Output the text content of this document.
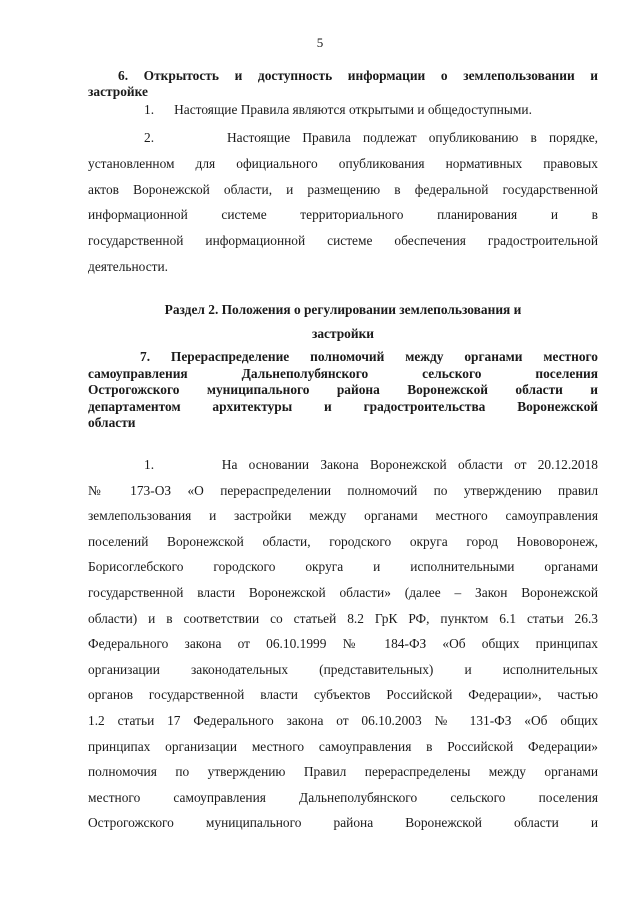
5
6. Открытость и доступность информации о землепользовании и
застройке
1.      Настоящие Правила являются открытыми и общедоступными.
2.      Настоящие Правила подлежат опубликованию в порядке,
установленном для официального опубликования нормативных правовых
актов Воронежской области, и размещению в федеральной государственной
информационной системе территориального планирования и в
государственной информационной системе обеспечения градостроительной
деятельности.
Раздел 2. Положения о регулировании землепользования и
застройки
7. Перераспределение полномочий между органами местного
самоуправления Дальнеполубянского сельского поселения
Острогожского муниципального района Воронежской области и
департаментом архитектуры и градостроительства Воронежской
области
1.      На основании Закона Воронежской области от 20.12.2018
№ 173-ОЗ «О перераспределении полномочий по утверждению правил
землепользования и застройки между органами местного самоуправления
поселений Воронежской области, городского округа город Нововоронеж,
Борисоглебского городского округа и исполнительными органами
государственной власти Воронежской области» (далее – Закон Воронежской
области) и в соответствии со статьей 8.2 ГрК РФ, пунктом 6.1 статьи 26.3
Федерального закона от 06.10.1999 № 184-ФЗ «Об общих принципах
организации законодательных (представительных) и исполнительных
органов государственной власти субъектов Российской Федерации», частью
1.2 статьи 17 Федерального закона от 06.10.2003 № 131-ФЗ «Об общих
принципах организации местного самоуправления в Российской Федерации»
полномочия по утверждению Правил перераспределены между органами
местного самоуправления Дальнеполубянского сельского поселения
Острогожского муниципального района Воронежской области и
